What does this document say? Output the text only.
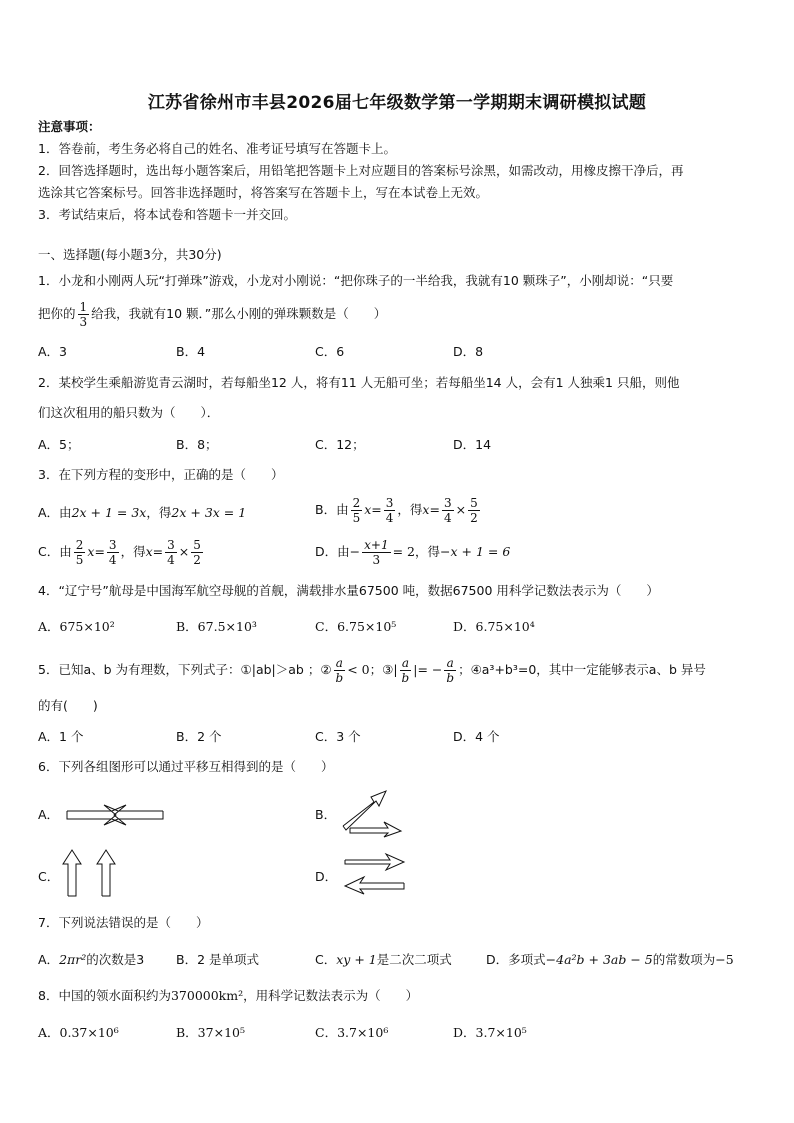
江苏省徐州市丰县2026届七年级数学第一学期期末调研模拟试题
注意事项：
1．答卷前，考生务必将自己的姓名、准考证号填写在答题卡上。
2．回答选择题时，选出每小题答案后，用铅笔把答题卡上对应题目的答案标号涂黑，如需改动，用橡皮擦干净后，再
选涂其它答案标号。回答非选择题时，将答案写在答题卡上，写在本试卷上无效。
3．考试结束后，将本试卷和答题卡一并交回。
一、选择题(每小题3分，共30分)
1．小龙和小刚两人玩“打弹珠”游戏，小龙对小刚说：“把你珠子的一半给我，我就有10 颗珠子”，小刚却说：“只要
把你的 $\frac{1}{3}$ 给我，我就有10 颗．”那么小刚的弹珠颗数是（　　）
A．3	B．4	C．6	D．8
2．某校学生乘船游览青云湖时，若每船坐12 人，将有11 人无船可坐；若每船坐14 人，会有1 人独乘1 只船，则他
们这次租用的船只数为（　　）．
A．5；	B．8；	C．12；	D．14
3．在下列方程的变形中，正确的是（　　）
A．由2x + 1 = 3x，得2x + 3x = 1	B．由 $\frac{2}{5} x= \frac{3}{4}$ ，得$x= \frac{3}{4} \times \frac{5}{2}$
C．由 $\frac{2}{5} x= \frac{3}{4}$ ，得$x= \frac{3}{4} \times \frac{5}{2}$	D．由− $\frac{x+1}{3} = 2$，得−x + 1 = 6
4．“辽宁号”航母是中国海军航空母舰的首舰，满载排水量67500 吨，数据67500 用科学记数法表示为（　　）
A．675×10²	B．67.5×10³	C．6.75×10⁵	D．6.75×10⁴
5．已知a、b 为有理数，下列式子：①|ab|＞ab ；② $\frac{a}{b} < 0$；③| $\frac{a}{b}$ |= − $\frac{a}{b}$ ；④a³+b³=0，其中一定能够表示a、b 异号
的有(　　)
A．1 个	B．2 个	C．3 个	D．4 个
6．下列各组图形可以通过平移互相得到的是（　　）
A．	B．
C．	D．
7．下列说法错误的是（　　）
A．2πr²的次数是3	B．2 是单项式	C．xy + 1是二次二项式	D．多项式−4a²b + 3ab − 5的常数项为−5
8．中国的领水面积约为370000km²，用科学记数法表示为（　　）
A．0.37×10⁶	B．37×10⁵	C．3.7×10⁶	D．3.7×10⁵
